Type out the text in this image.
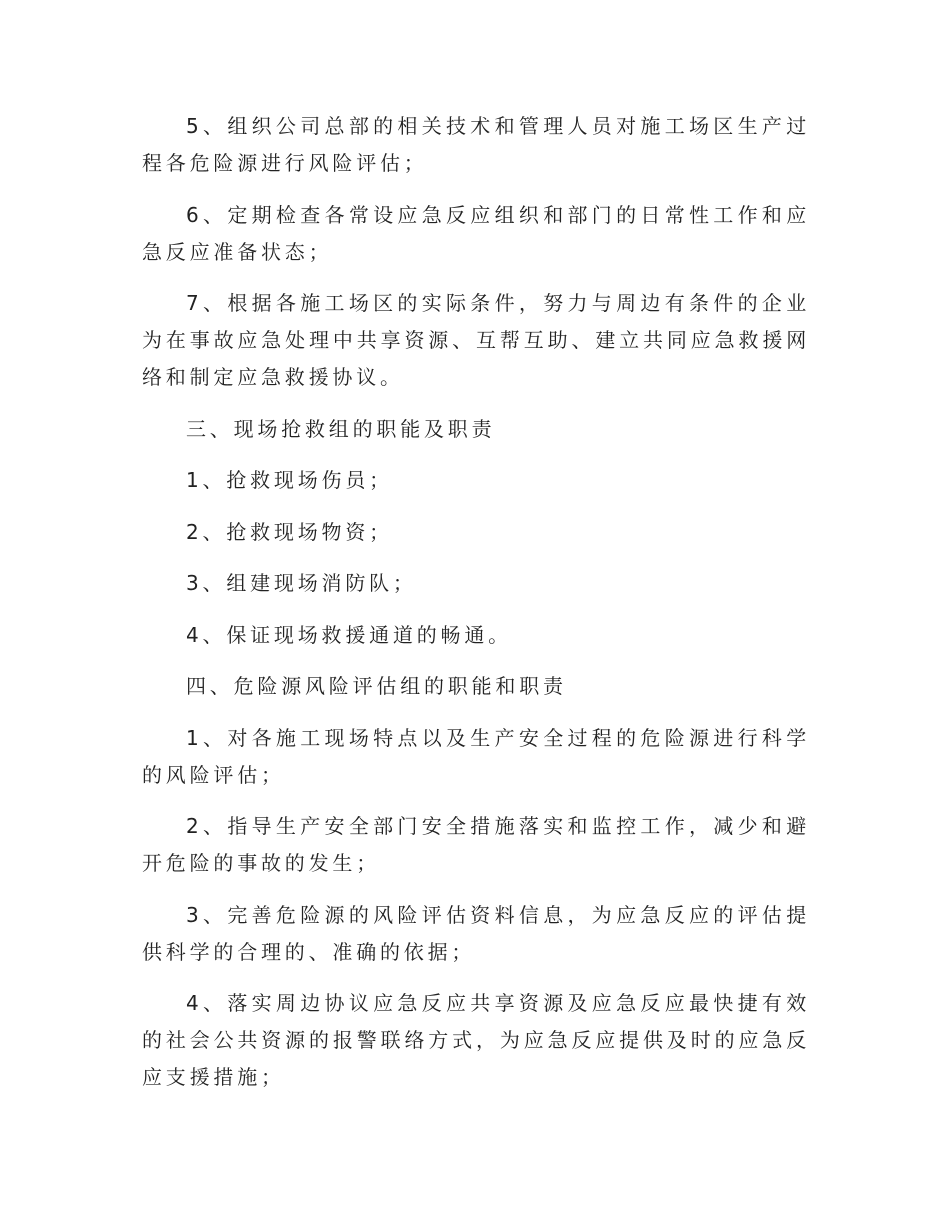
5、组织公司总部的相关技术和管理人员对施工场区生产过程各危险源进行风险评估；

6、定期检查各常设应急反应组织和部门的日常性工作和应急反应准备状态；

7、根据各施工场区的实际条件，努力与周边有条件的企业为在事故应急处理中共享资源、互帮互助、建立共同应急救援网络和制定应急救援协议。

三、现场抢救组的职能及职责

1、抢救现场伤员；

2、抢救现场物资；

3、组建现场消防队；

4、保证现场救援通道的畅通。

四、危险源风险评估组的职能和职责

1、对各施工现场特点以及生产安全过程的危险源进行科学的风险评估；

2、指导生产安全部门安全措施落实和监控工作，减少和避开危险的事故的发生；

3、完善危险源的风险评估资料信息，为应急反应的评估提供科学的合理的、准确的依据；

4、落实周边协议应急反应共享资源及应急反应最快捷有效的社会公共资源的报警联络方式，为应急反应提供及时的应急反应支援措施；
